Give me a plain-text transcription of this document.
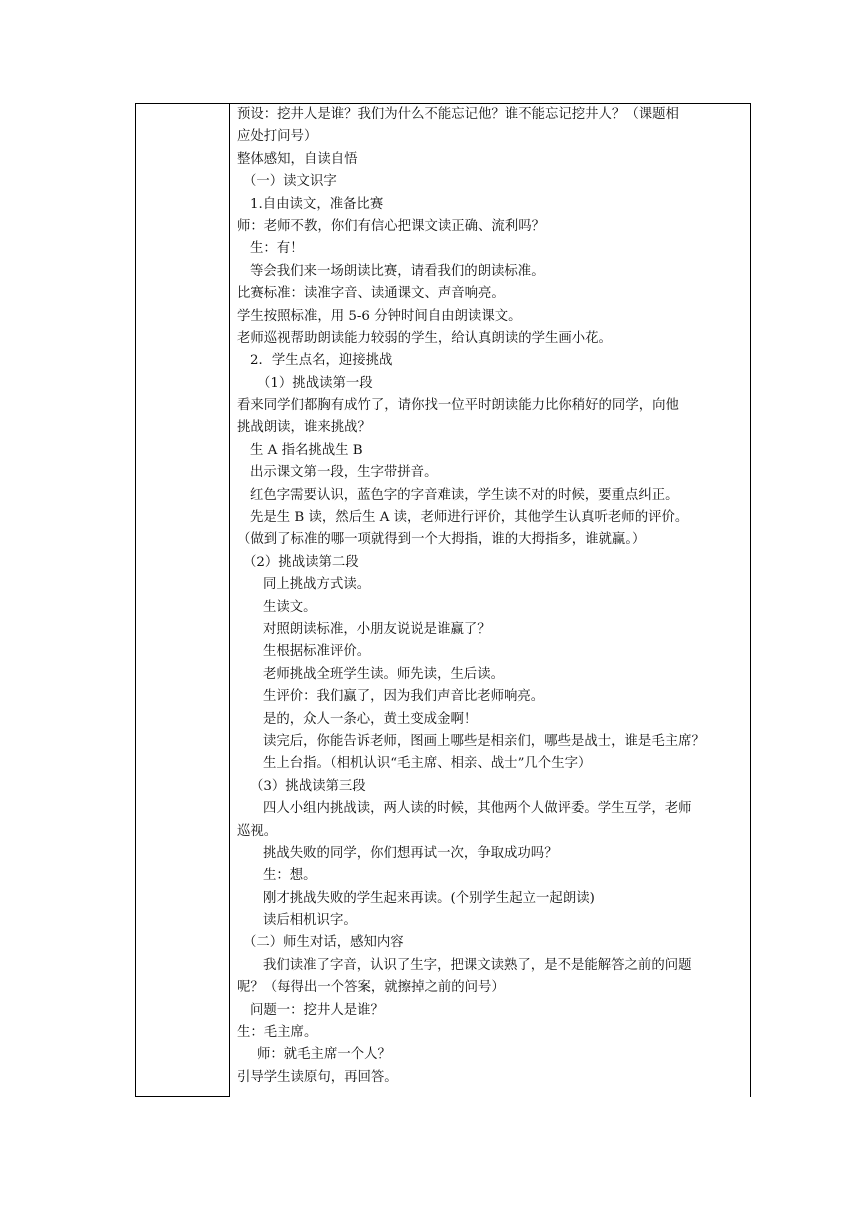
预设：挖井人是谁？我们为什么不能忘记他？谁不能忘记挖井人？（课题相
应处打问号）
整体感知，自读自悟
（一）读文识字
1.自由读文，准备比赛
师：老师不教，你们有信心把课文读正确、流利吗？
生：有！
等会我们来一场朗读比赛，请看我们的朗读标准。
比赛标准：读准字音、读通课文、声音响亮。
学生按照标准，用 5-6 分钟时间自由朗读课文。
老师巡视帮助朗读能力较弱的学生，给认真朗读的学生画小花。
2．学生点名，迎接挑战
（1）挑战读第一段
看来同学们都胸有成竹了，请你找一位平时朗读能力比你稍好的同学，向他
挑战朗读，谁来挑战？
生 A 指名挑战生 B
出示课文第一段，生字带拼音。
红色字需要认识，蓝色字的字音难读，学生读不对的时候，要重点纠正。
先是生 B 读，然后生 A 读，老师进行评价，其他学生认真听老师的评价。
（做到了标准的哪一项就得到一个大拇指，谁的大拇指多，谁就赢。）
（2）挑战读第二段
同上挑战方式读。
生读文。
对照朗读标准，小朋友说说是谁赢了？
生根据标准评价。
老师挑战全班学生读。师先读，生后读。
生评价：我们赢了，因为我们声音比老师响亮。
是的，众人一条心，黄土变成金啊！
读完后，你能告诉老师，图画上哪些是相亲们，哪些是战士，谁是毛主席？
生上台指。（相机认识“毛主席、相亲、战士”几个生字）
（3）挑战读第三段
四人小组内挑战读，两人读的时候，其他两个人做评委。学生互学，老师
巡视。
挑战失败的同学，你们想再试一次，争取成功吗？
生：想。
刚才挑战失败的学生起来再读。(个别学生起立一起朗读)
读后相机识字。
（二）师生对话，感知内容
我们读准了字音，认识了生字，把课文读熟了，是不是能解答之前的问题
呢？（每得出一个答案，就擦掉之前的问号）
问题一：挖井人是谁？
生：毛主席。
师：就毛主席一个人？
引导学生读原句，再回答。
